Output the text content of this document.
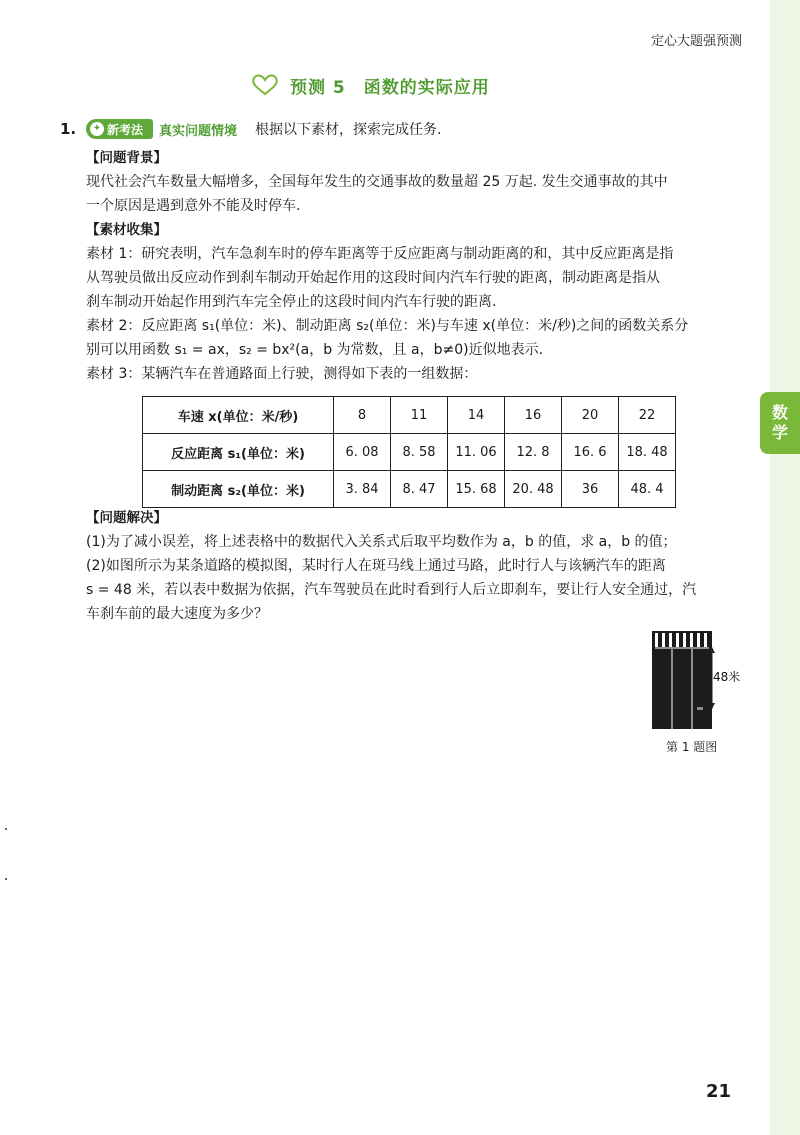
数
学
定心大题强预测
预测 5　函数的实际应用
1.	✦ 新考法 真实问题情境 根据以下素材，探索完成任务.

【问题背景】

现代社会汽车数量大幅增多，全国每年发生的交通事故的数量超 25 万起. 发生交通事故的其中

一个原因是遇到意外不能及时停车.

【素材收集】

素材 1：研究表明，汽车急刹车时的停车距离等于反应距离与制动距离的和，其中反应距离是指

从驾驶员做出反应动作到刹车制动开始起作用的这段时间内汽车行驶的距离，制动距离是指从

刹车制动开始起作用到汽车完全停止的这段时间内汽车行驶的距离.

素材 2：反应距离 s₁(单位：米)、制动距离 s₂(单位：米)与车速 x(单位：米/秒)之间的函数关系分

别可以用函数 s₁ = ax，s₂ = bx²(a，b 为常数，且 a，b≠0)近似地表示.

素材 3：某辆汽车在普通路面上行驶，测得如下表的一组数据：

车速 x(单位：米/秒)	8	11	14	16	20	22
反应距离 s₁(单位：米)	6. 08	8. 58	11. 06	12. 8	16. 6	18. 48
制动距离 s₂(单位：米)	3. 84	8. 47	15. 68	20. 48	36	48. 4

【问题解决】

(1)为了减小误差，将上述表格中的数据代入关系式后取平均数作为 a，b 的值，求 a，b 的值；

(2)如图所示为某条道路的模拟图，某时行人在斑马线上通过马路，此时行人与该辆汽车的距离

s = 48 米，若以表中数据为依据，汽车驾驶员在此时看到行人后立即刹车，要让行人安全通过，汽

车刹车前的最大速度为多少？

48米
第 1 题图
21
